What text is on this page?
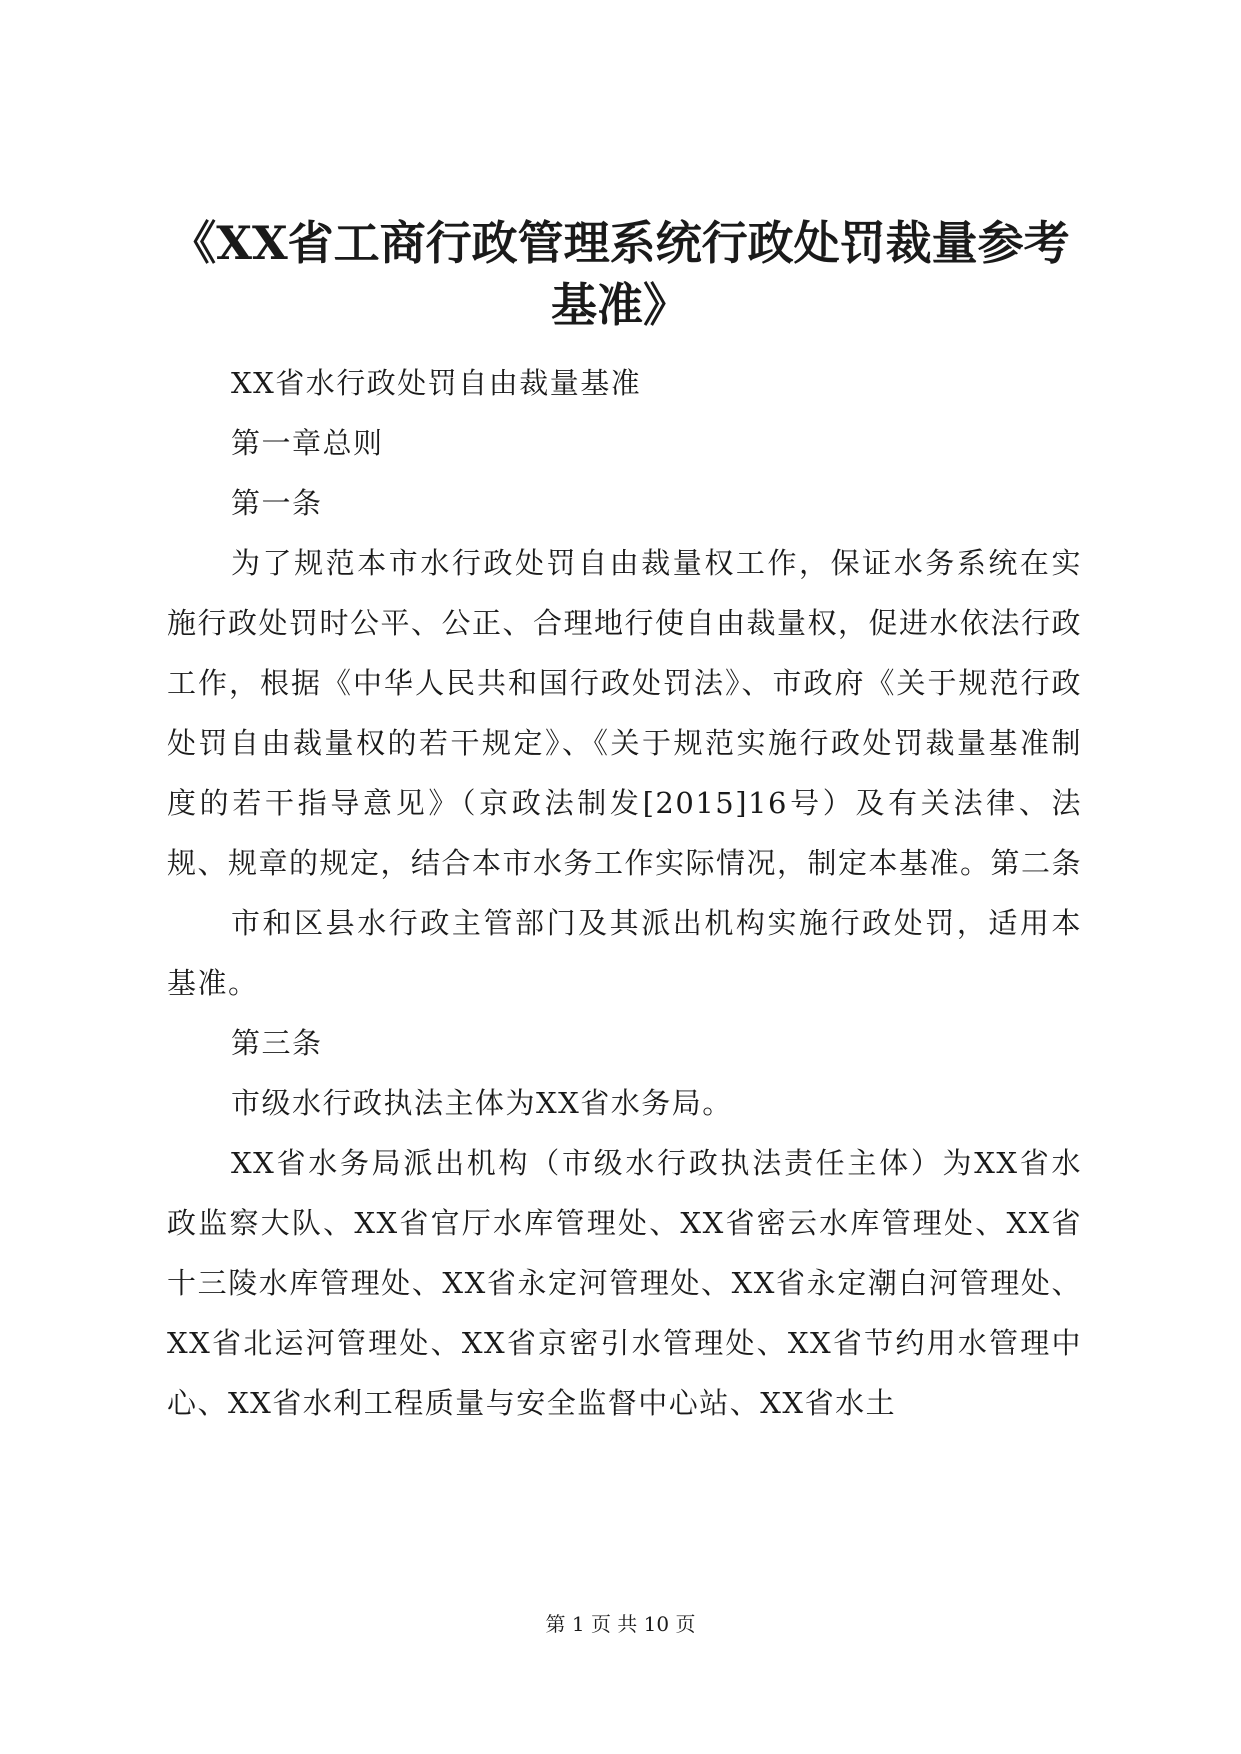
《XX省工商行政管理系统行政处罚裁量参考
基准》

XX省水行政处罚自由裁量基准

第一章总则

第一条

为了规范本市水行政处罚自由裁量权工作，保证水务系统在实施行政处罚时公平、公正、合理地行使自由裁量权，促进水依法行政工作，根据《中华人民共和国行政处罚法》、市政府《关于规范行政处罚自由裁量权的若干规定》、《关于规范实施行政处罚裁量基准制度的若干指导意见》（京政法制发[2015]16号）及有关法律、法规、规章的规定，结合本市水务工作实际情况，制定本基准。第二条

市和区县水行政主管部门及其派出机构实施行政处罚，适用本基准。

第三条

市级水行政执法主体为XX省水务局。

XX省水务局派出机构（市级水行政执法责任主体）为XX省水政监察大队、XX省官厅水库管理处、XX省密云水库管理处、XX省十三陵水库管理处、XX省永定河管理处、XX省永定潮白河管理处、XX省北运河管理处、XX省京密引水管理处、XX省节约用水管理中心、XX省水利工程质量与安全监督中心站、XX省水土

第 1 页 共 10 页
